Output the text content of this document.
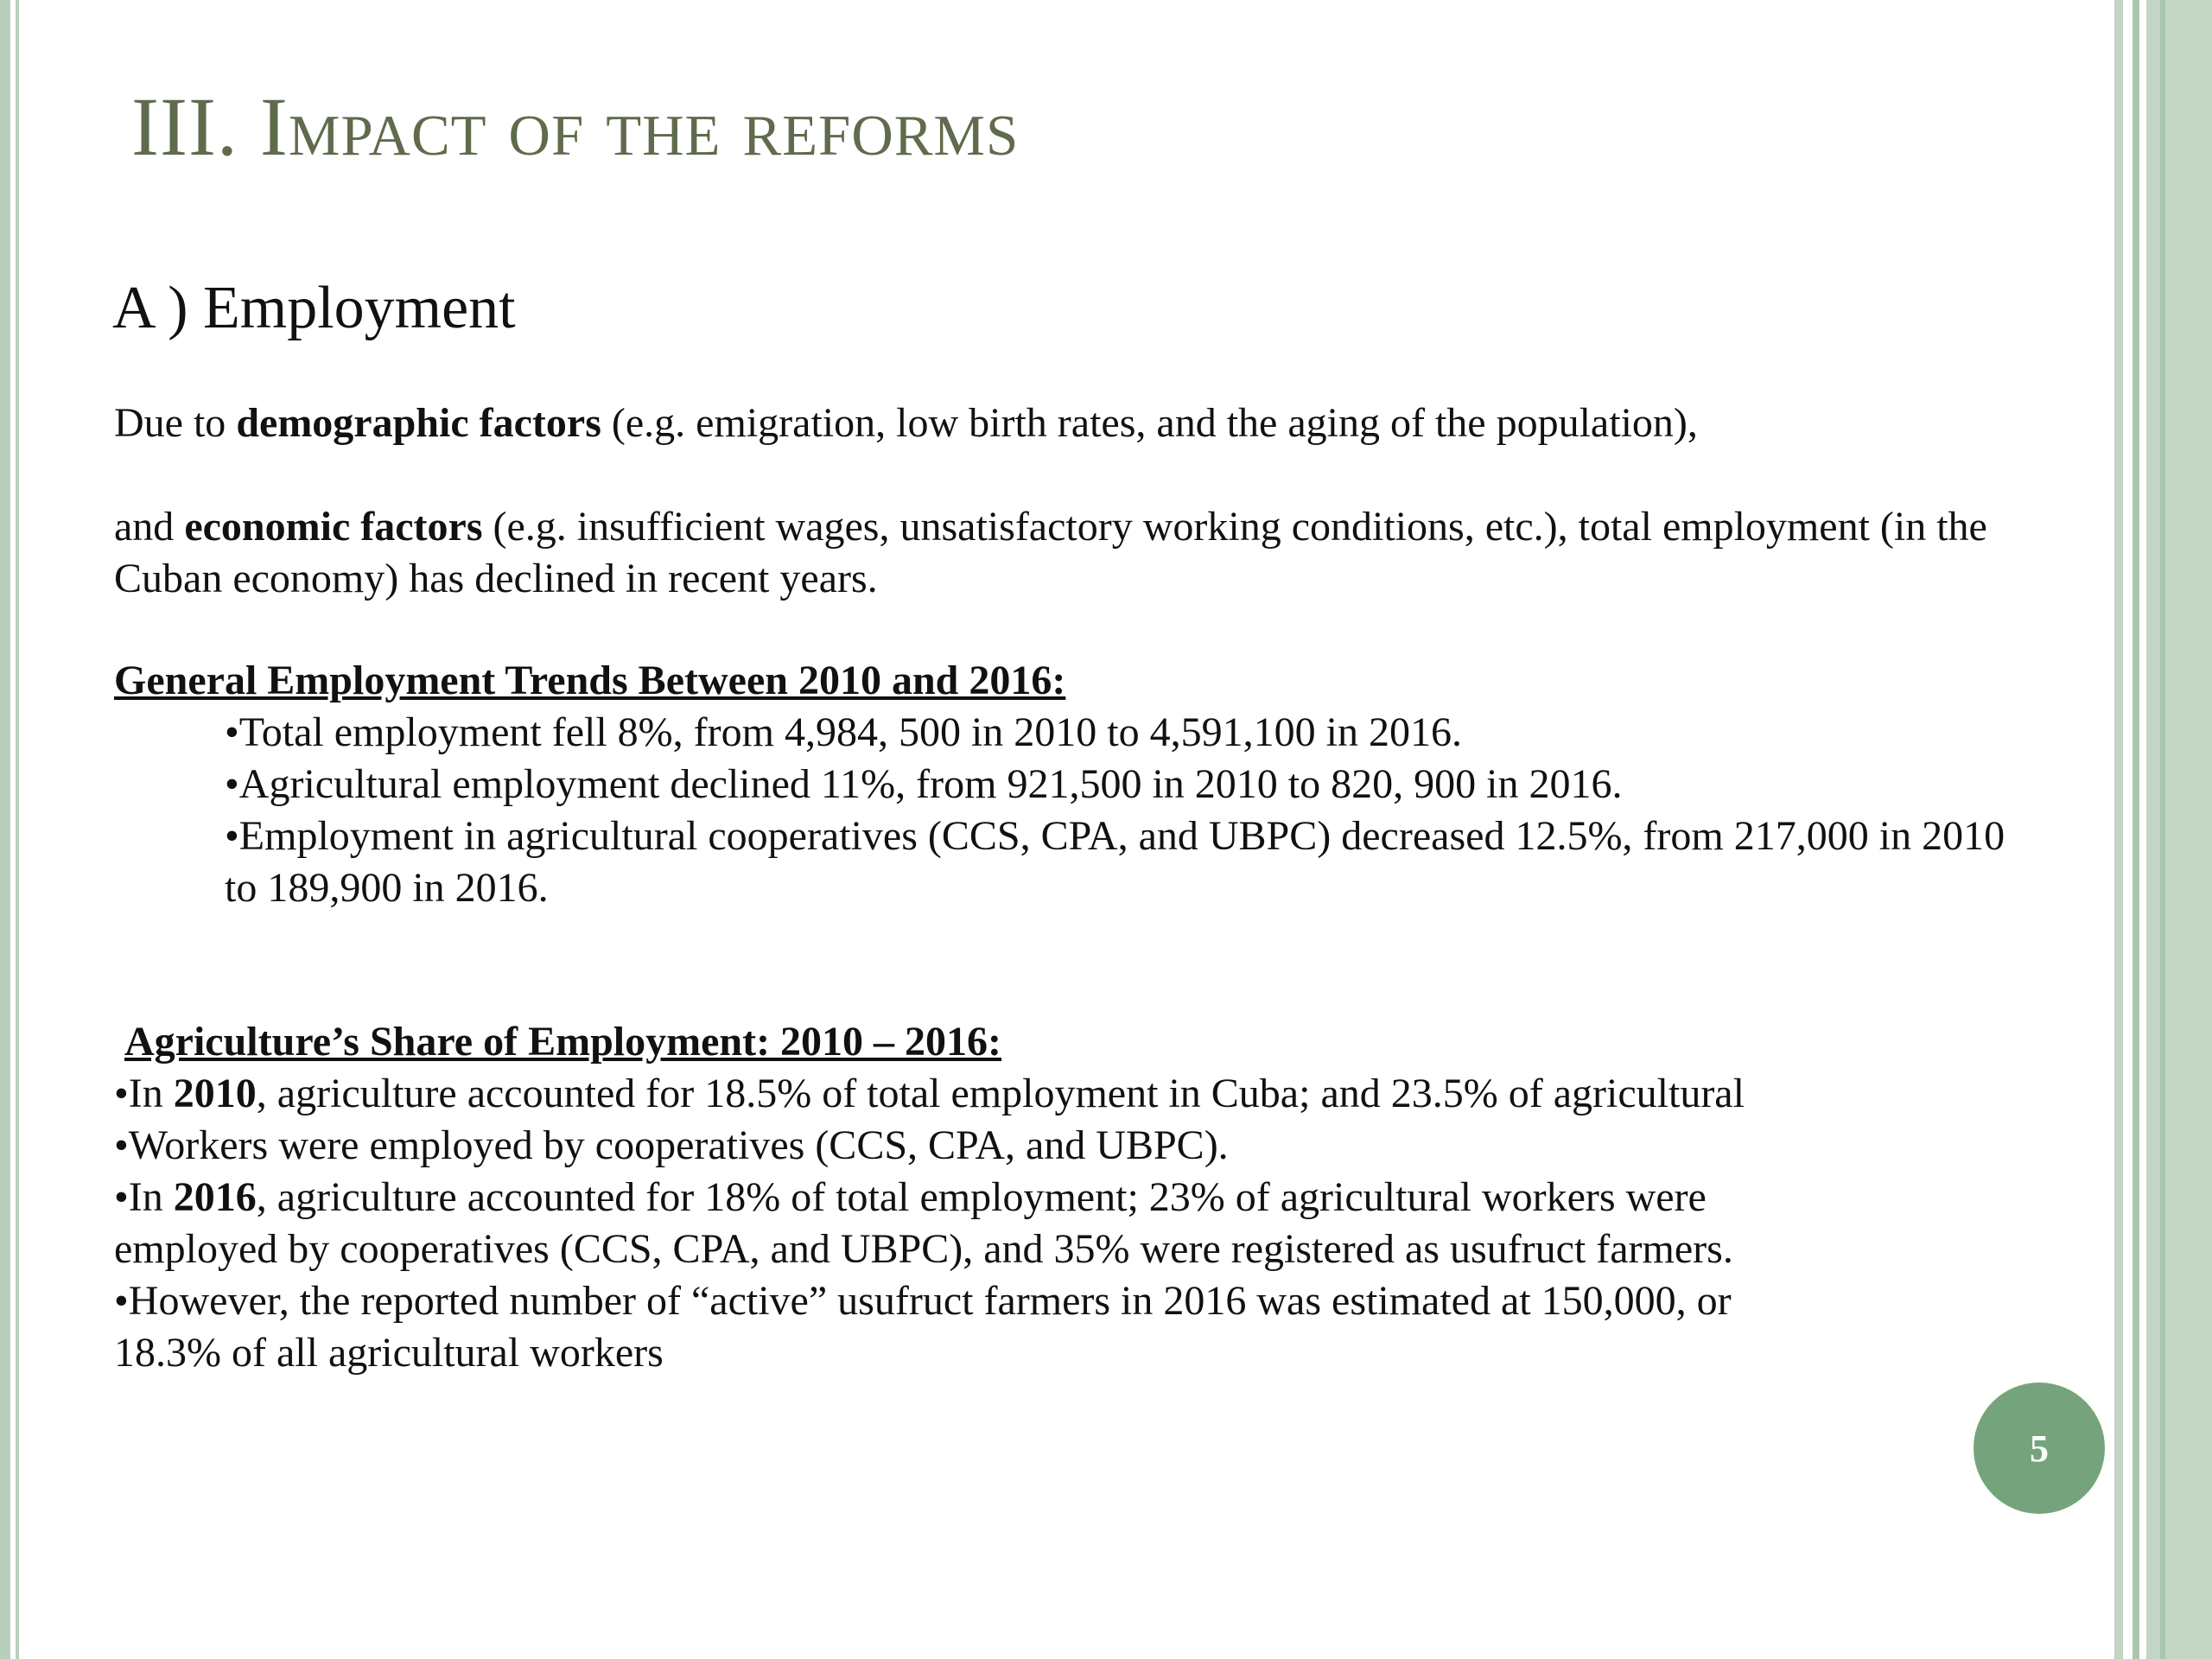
III. Impact of the reforms
A ) Employment

Due to demographic factors (e.g. emigration, low birth rates, and the aging of the population),

and economic factors (e.g. insufficient wages, unsatisfactory working conditions, etc.), total employment (in the Cuban economy) has declined in recent years.

General Employment Trends Between 2010 and 2016:
•Total employment fell 8%, from 4,984, 500 in 2010 to 4,591,100 in 2016.
•Agricultural employment declined 11%, from 921,500 in 2010 to 820, 900 in 2016.
•Employment in agricultural cooperatives (CCS, CPA, and UBPC) decreased 12.5%, from 217,000 in 2010 to 189,900 in 2016.
Agriculture’s Share of Employment: 2010 – 2016:
•In 2010, agriculture accounted for 18.5% of total employment in Cuba; and 23.5% of agricultural
•Workers were employed by cooperatives (CCS, CPA, and UBPC).
•In 2016, agriculture accounted for 18% of total employment; 23% of agricultural workers were
employed by cooperatives (CCS, CPA, and UBPC), and 35% were registered as usufruct farmers.
•However, the reported number of “active” usufruct farmers in 2016 was estimated at 150,000, or
18.3% of all agricultural workers
5
